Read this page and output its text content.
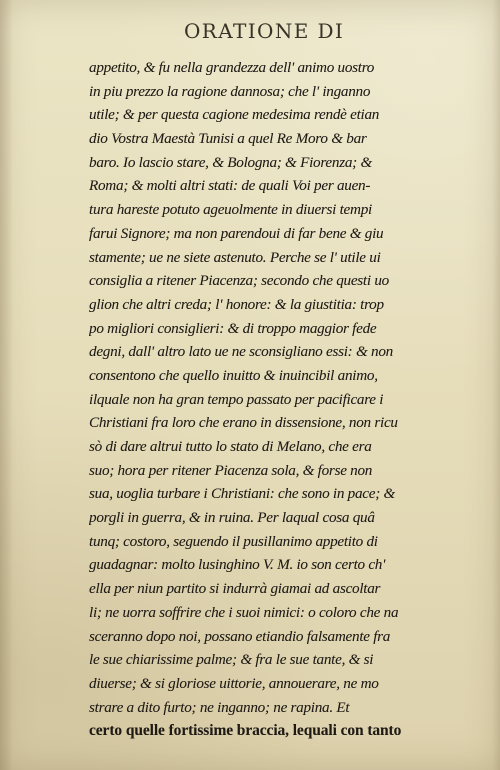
ORATIONE DI
appetito, & fu nella grandezza dell' animo uostro
in piu prezzo la ragione dannosa; che l' inganno
utile; & per questa cagione medesima rendè etian
dio Vostra Maestà Tunisi a quel Re Moro & bar
baro. Io lascio stare, & Bologna; & Fiorenza; &
Roma; & molti altri stati: de quali Voi per auen-
tura hareste potuto ageuolmente in diuersi tempi
farui Signore; ma non parendoui di far bene & giu
stamente; ue ne siete astenuto. Perche se l' utile ui
consiglia a ritener Piacenza; secondo che questi uo
glion che altri creda; l' honore: & la giustitia: trop
po migliori consiglieri: & di troppo maggior fede
degni, dall' altro lato ue ne sconsigliano essi: & non
consentono che quello inuitto & inuincibil animo,
ilquale non ha gran tempo passato per pacificare i
Christiani fra loro che erano in dissensione, non ricu
sò di dare altrui tutto lo stato di Melano, che era
suo; hora per ritener Piacenza sola, & forse non
sua, uoglia turbare i Christiani: che sono in pace; &
porgli in guerra, & in ruina. Per laqual cosa quâ
tunq; costoro, seguendo il pusillanimo appetito di
guadagnar: molto lusinghino V. M. io son certo ch'
ella per niun partito si indurrà giamai ad ascoltar
li; ne uorra soffrire che i suoi nimici: o coloro che na
sceranno dopo noi, possano etiandio falsamente fra
le sue chiarissime palme; & fra le sue tante, & si
diuerse; & si gloriose uittorie, annouerare, ne mo
strare a dito furto; ne inganno; ne rapina. Et
certo quelle fortissime braccia, lequali con tanto
